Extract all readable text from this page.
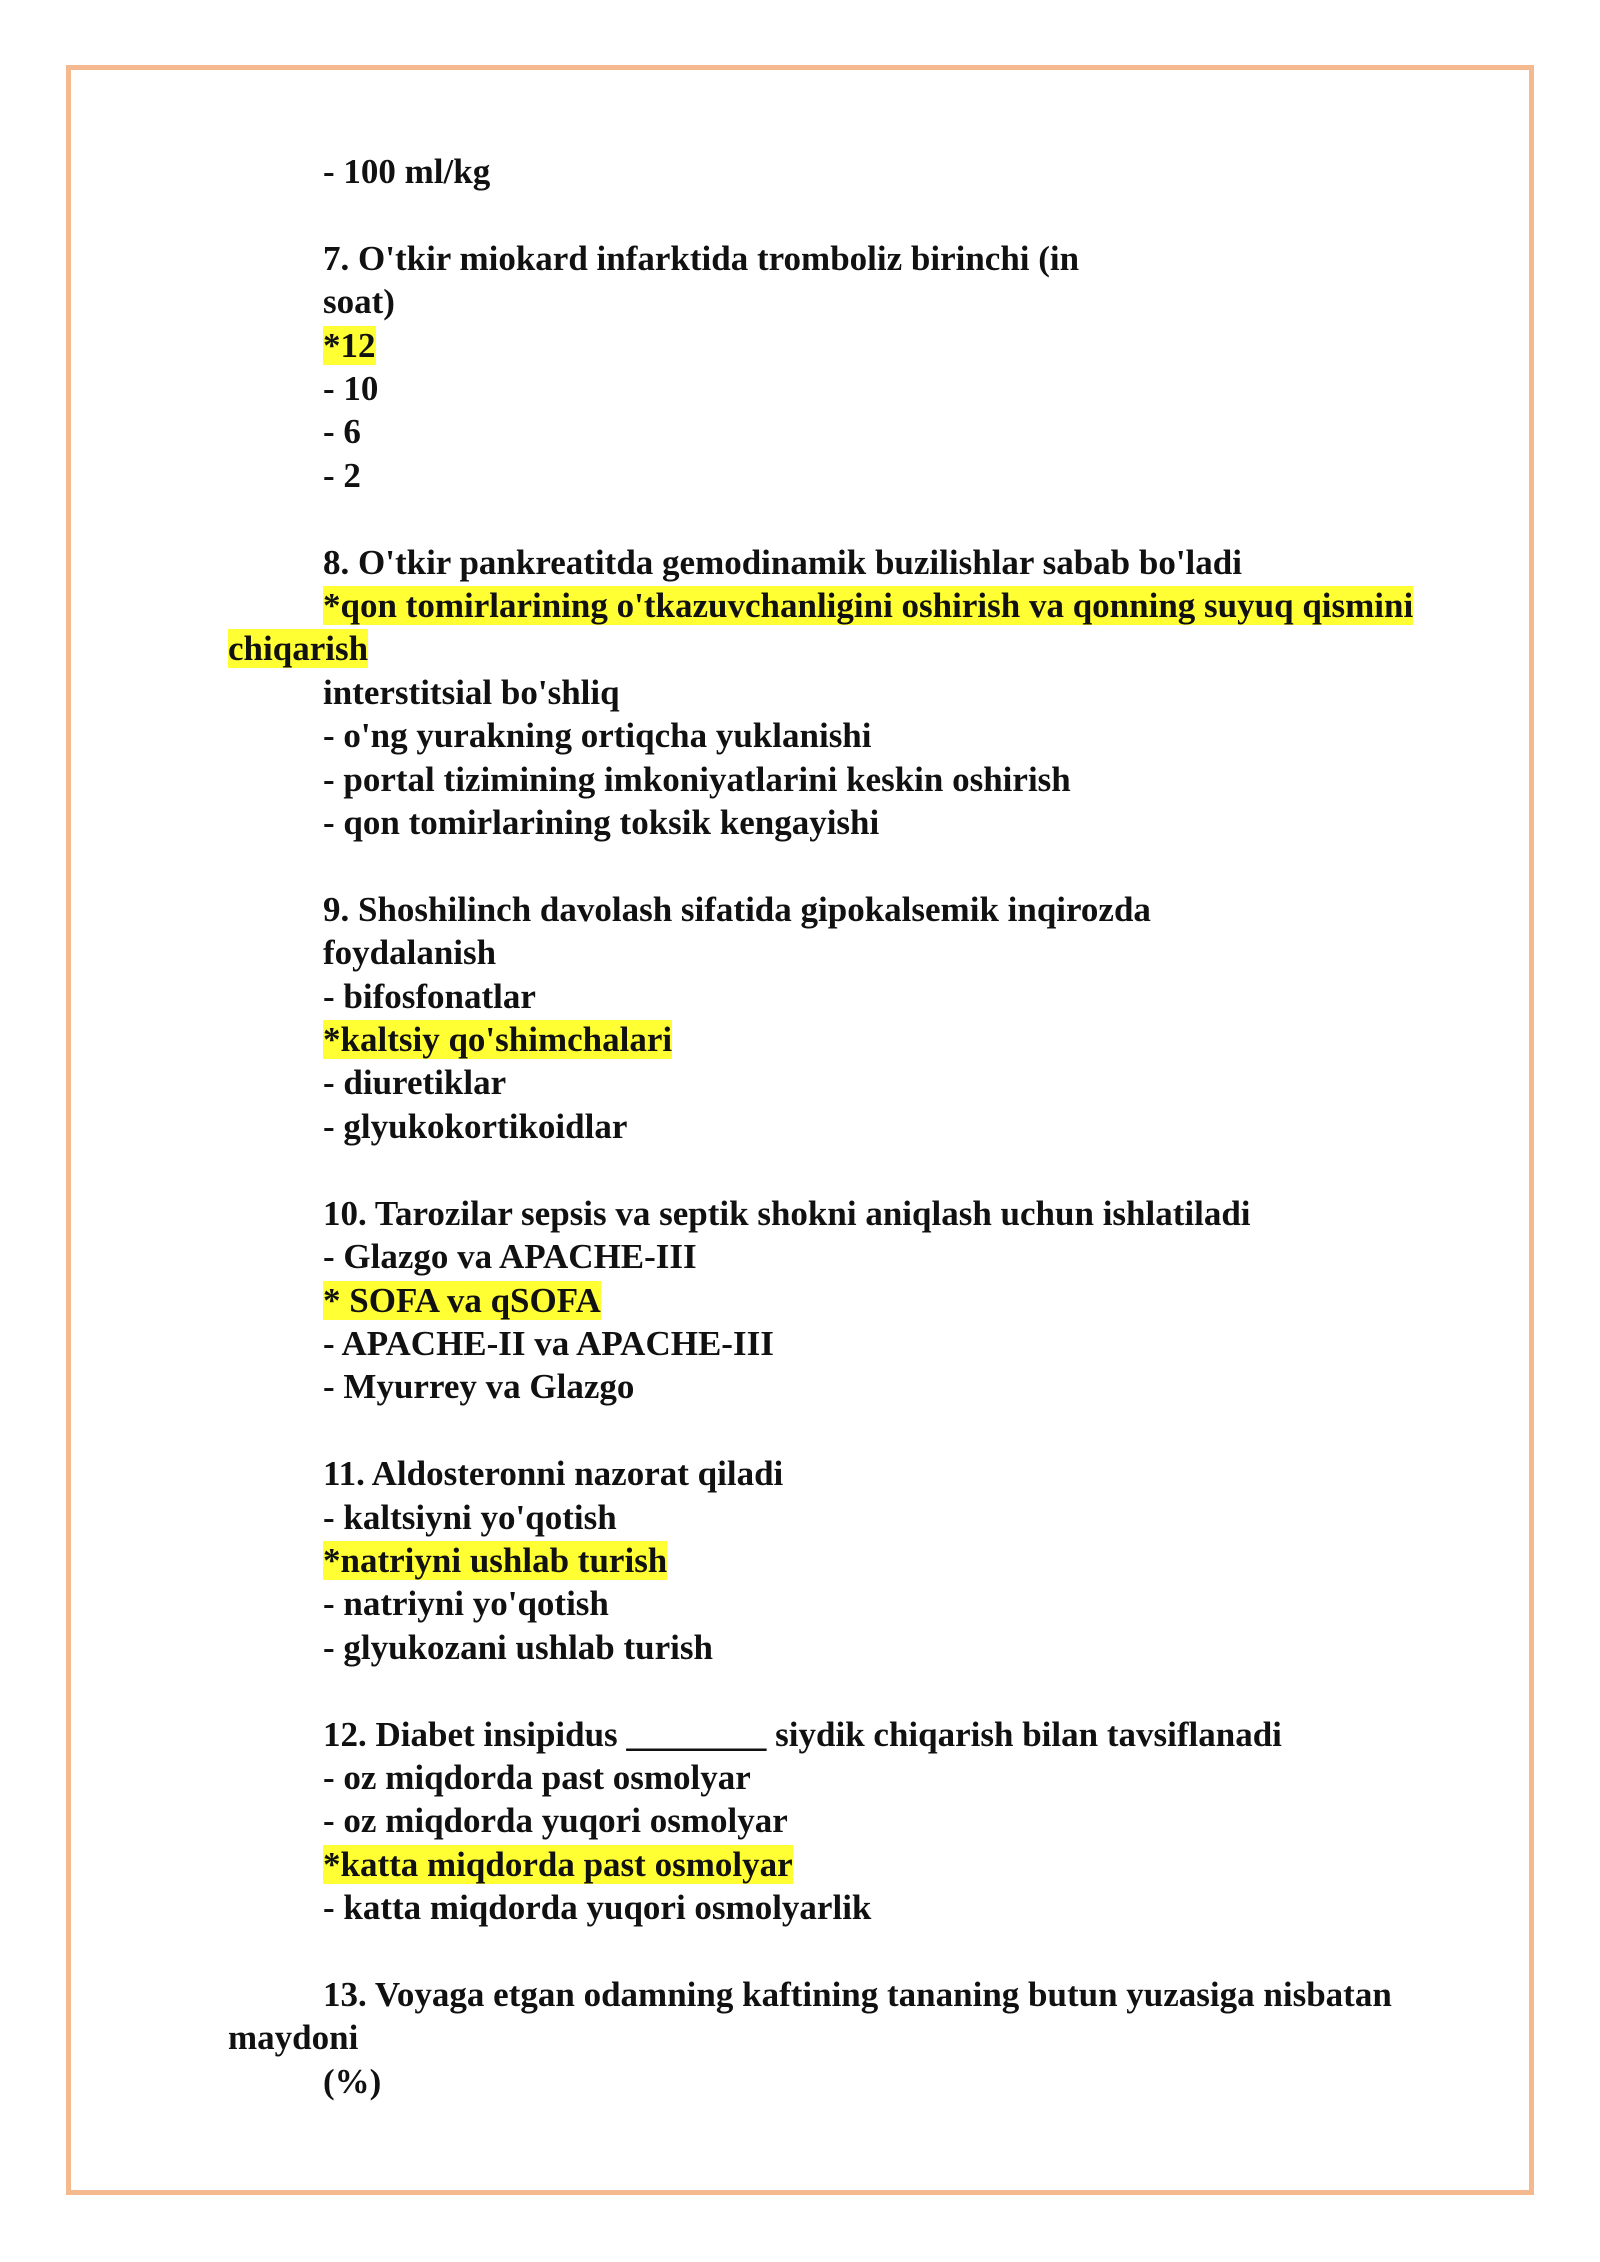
- 100 ml/kg
7. O'tkir miokard infarktida tromboliz birinchi (in
soat)
*12
- 10
- 6
- 2
8. O'tkir pankreatitda gemodinamik buzilishlar sabab bo'ladi
*qon tomirlarining o'tkazuvchanligini oshirish va qonning suyuq qismini
chiqarish
interstitsial bo'shliq
- o'ng yurakning ortiqcha yuklanishi
- portal tizimining imkoniyatlarini keskin oshirish
- qon tomirlarining toksik kengayishi
9. Shoshilinch davolash sifatida gipokalsemik inqirozda
foydalanish
- bifosfonatlar
*kaltsiy qo'shimchalari
- diuretiklar
- glyukokortikoidlar
10. Tarozilar sepsis va septik shokni aniqlash uchun ishlatiladi
- Glazgo va APACHE-III
* SOFA va qSOFA
- APACHE-II va APACHE-III
- Myurrey va Glazgo
11. Aldosteronni nazorat qiladi
- kaltsiyni yo'qotish
*natriyni ushlab turish
- natriyni yo'qotish
- glyukozani ushlab turish
12. Diabet insipidus ________ siydik chiqarish bilan tavsiflanadi
- oz miqdorda past osmolyar
- oz miqdorda yuqori osmolyar
*katta miqdorda past osmolyar
- katta miqdorda yuqori osmolyarlik
13. Voyaga etgan odamning kaftining tananing butun yuzasiga nisbatan
maydoni
(%)
